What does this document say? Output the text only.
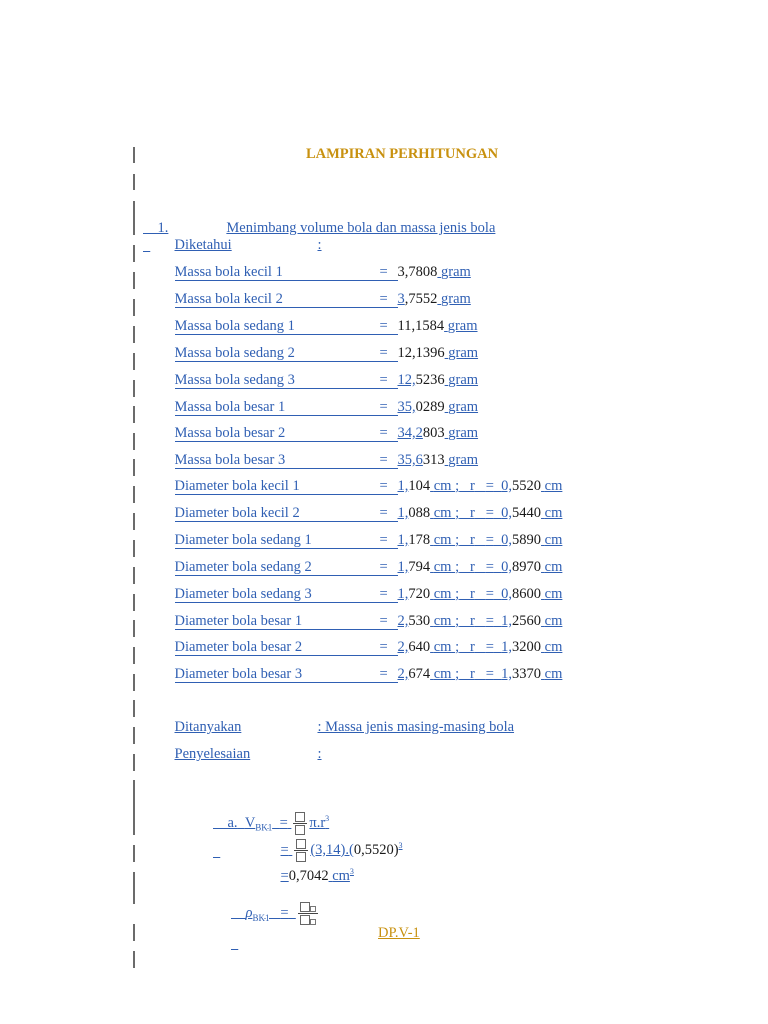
LAMPIRAN PERHITUNGAN

1.	Menimbang volume bola dan massa jenis bola

Diketahui	:

Massa bola kecil 1	= 3,7808 gram

Massa bola kecil 2	= 3,7552 gram

Massa bola sedang 1	= 11,1584 gram

Massa bola sedang 2	= 12,1396 gram

Massa bola sedang 3	= 12,5236 gram

Massa bola besar 1	= 35,0289 gram

Massa bola besar 2	= 34,2803 gram

Massa bola besar 3	= 35,6313 gram

Diameter bola kecil 1	= 1,104 cm ; r = 0,5520 cm

Diameter bola kecil 2	= 1,088 cm ; r = 0,5440 cm

Diameter bola sedang 1	= 1,178 cm ; r = 0,5890 cm

Diameter bola sedang 2	= 1,794 cm ; r = 0,8970 cm

Diameter bola sedang 3	= 1,720 cm ; r = 0,8600 cm

Diameter bola besar 1	= 2,530 cm ; r = 1,2560 cm

Diameter bola besar 2	= 2,640 cm ; r = 1,3200 cm

Diameter bola besar 3	= 2,674 cm ; r = 1,3370 cm

Ditanyakan	: Massa jenis masing-masing bola

Penyelesaian	:

a. $V_{BK1} = \pi.r^3$

= $(3,14).(0,5520)^3$

=0,7042 $cm^3$

$\rho_{BK1}$ =

DP.V-1
